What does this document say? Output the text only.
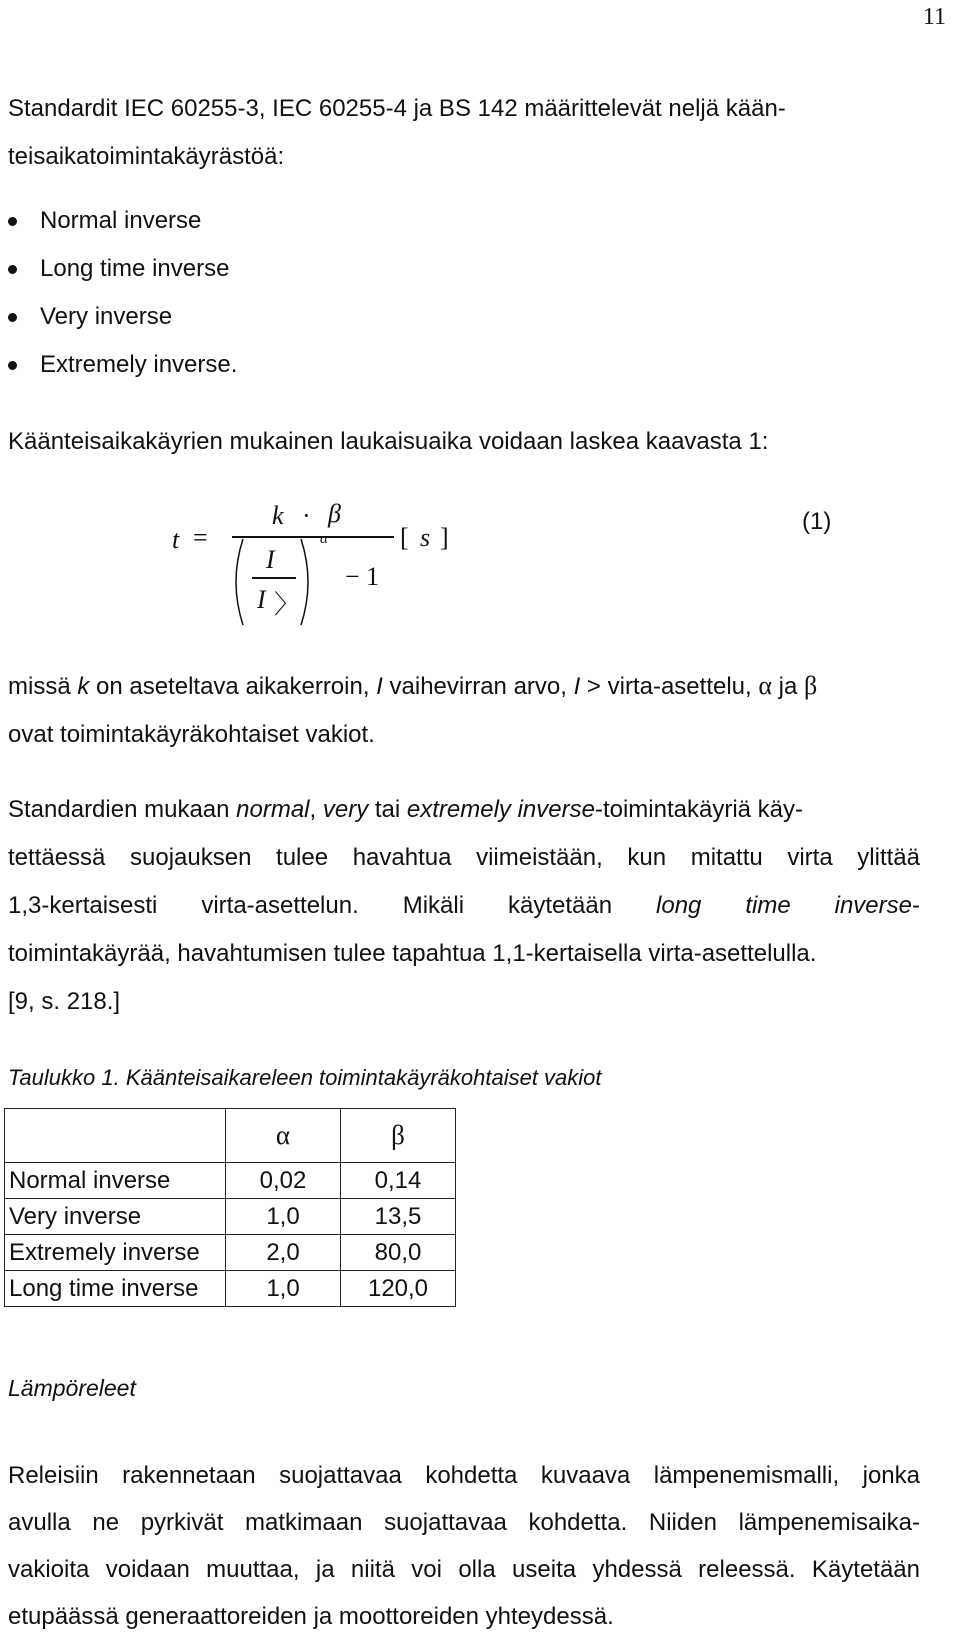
11
Standardit IEC 60255-3, IEC 60255-4 ja BS 142 määrittelevät neljä kään-
teisaikatoimintakäyrästöä:
Normal inverse
Long time inverse
Very inverse
Extremely inverse.
Käänteisaikakäyrien mukainen laukaisuaika voidaan laskea kaavasta 1:
t =
k · β
α
I
I 〉
− 1
[ s ]
(1)
missä k on aseteltava aikakerroin, I vaihevirran arvo, I > virta-asettelu, α ja β
ovat toimintakäyräkohtaiset vakiot.
Standardien mukaan normal, very tai extremely inverse-toimintakäyriä käy-
tettäessä suojauksen tulee havahtua viimeistään, kun mitattu virta ylittää
1,3-kertaisesti virta-asettelun. Mikäli käytetään long time inverse-
toimintakäyrää, havahtumisen tulee tapahtua 1,1-kertaisella virta-asettelulla.
[9, s. 218.]
Taulukko 1. Käänteisaikareleen toimintakäyräkohtaiset vakiot
	α	β
Normal inverse	0,02	0,14
Very inverse	1,0	13,5
Extremely inverse	2,0	80,0
Long time inverse	1,0	120,0
Lämpöreleet
Releisiin rakennetaan suojattavaa kohdetta kuvaava lämpenemismalli, jonka
avulla ne pyrkivät matkimaan suojattavaa kohdetta. Niiden lämpenemisaika-
vakioita voidaan muuttaa, ja niitä voi olla useita yhdessä releessä. Käytetään
etupäässä generaattoreiden ja moottoreiden yhteydessä.
